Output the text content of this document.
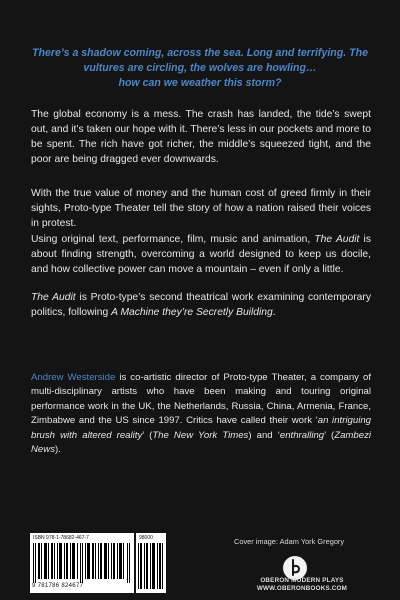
There’s a shadow coming, across the sea. Long and terrifying. The
vultures are circling, the wolves are howling…
how can we weather this storm?
The global economy is a mess. The crash has landed, the tide’s swept out, and it’s taken our hope with it. There’s less in our pockets and more to be spent. The rich have got richer, the middle’s squeezed tight, and the poor are being dragged ever downwards.
With the true value of money and the human cost of greed firmly in their sights, Proto-type Theater tell the story of how a nation raised their voices in protest.
Using original text, performance, film, music and animation, The Audit is about finding strength, overcoming a world designed to keep us docile, and how collective power can move a mountain – even if only a little.
The Audit is Proto-type’s second theatrical work examining contemporary politics, following A Machine they’re Secretly Building.
Andrew Westerside is co-artistic director of Proto-type Theater, a company of multi-disciplinary artists who have been making and touring original performance work in the UK, the Netherlands, Russia, China, Armenia, France, Zimbabwe and the US since 1997. Critics have called their work ‘an intriguing brush with altered reality’ (The New York Times) and ‘enthralling’ (Zambezi News).
ISBN 978-1-78682-467-7
9 781786 824677
98000	Cover image: Adam York Gregory
OBERON MODERN PLAYS
WWW.OBERONBOOKS.COM
